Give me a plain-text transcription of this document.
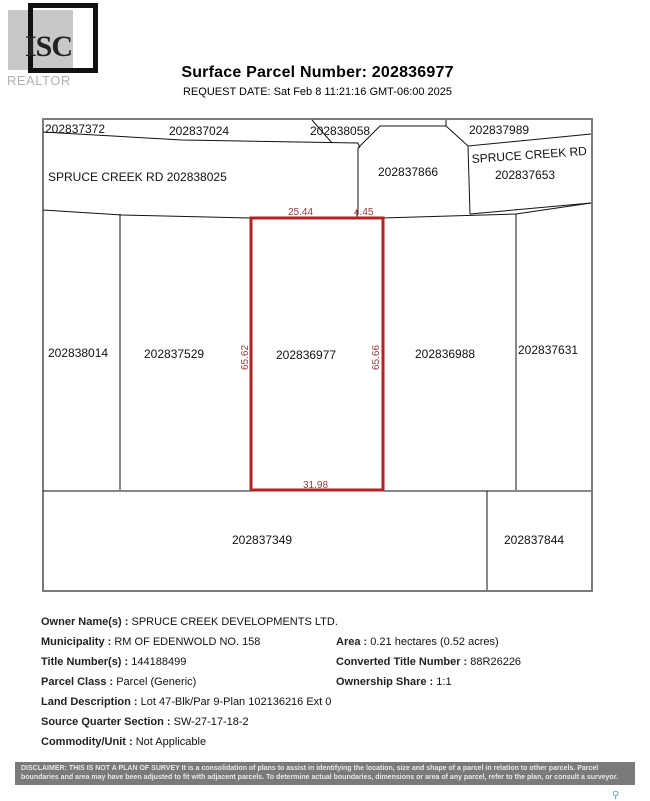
ISC
REALTOR	Surface Parcel Number: 202836977
REQUEST DATE: Sat Feb 8 11:21:16 GMT-06:00 2025
202837372	202837024	202838058	202837989
SPRUCE CREEK RD 202838025	202837866
SPRUCE CREEK RD
202837653
202838014	202837529	202836977	202836988	202837631
202837349	202837844
25.44	4.45
65.62	65.66
31.98
Owner Name(s) : SPRUCE CREEK DEVELOPMENTS LTD.
Municipality : RM OF EDENWOLD NO. 158	Area : 0.21 hectares (0.52 acres)
Title Number(s) : 144188499	Converted Title Number : 88R26226
Parcel Class : Parcel (Generic)	Ownership Share : 1:1
Land Description : Lot 47-Blk/Par 9-Plan 102136216 Ext 0
Source Quarter Section : SW-27-17-18-2
Commodity/Unit : Not Applicable
DISCLAIMER: THIS IS NOT A PLAN OF SURVEY It is a consolidation of plans to assist in identifying the location, size and shape of a parcel in relation to other parcels. Parcel boundaries and area may have been adjusted to fit with adjacent parcels. To determine actual boundaries, dimensions or area of any parcel, refer to the plan, or consult a surveyor.
⚲
